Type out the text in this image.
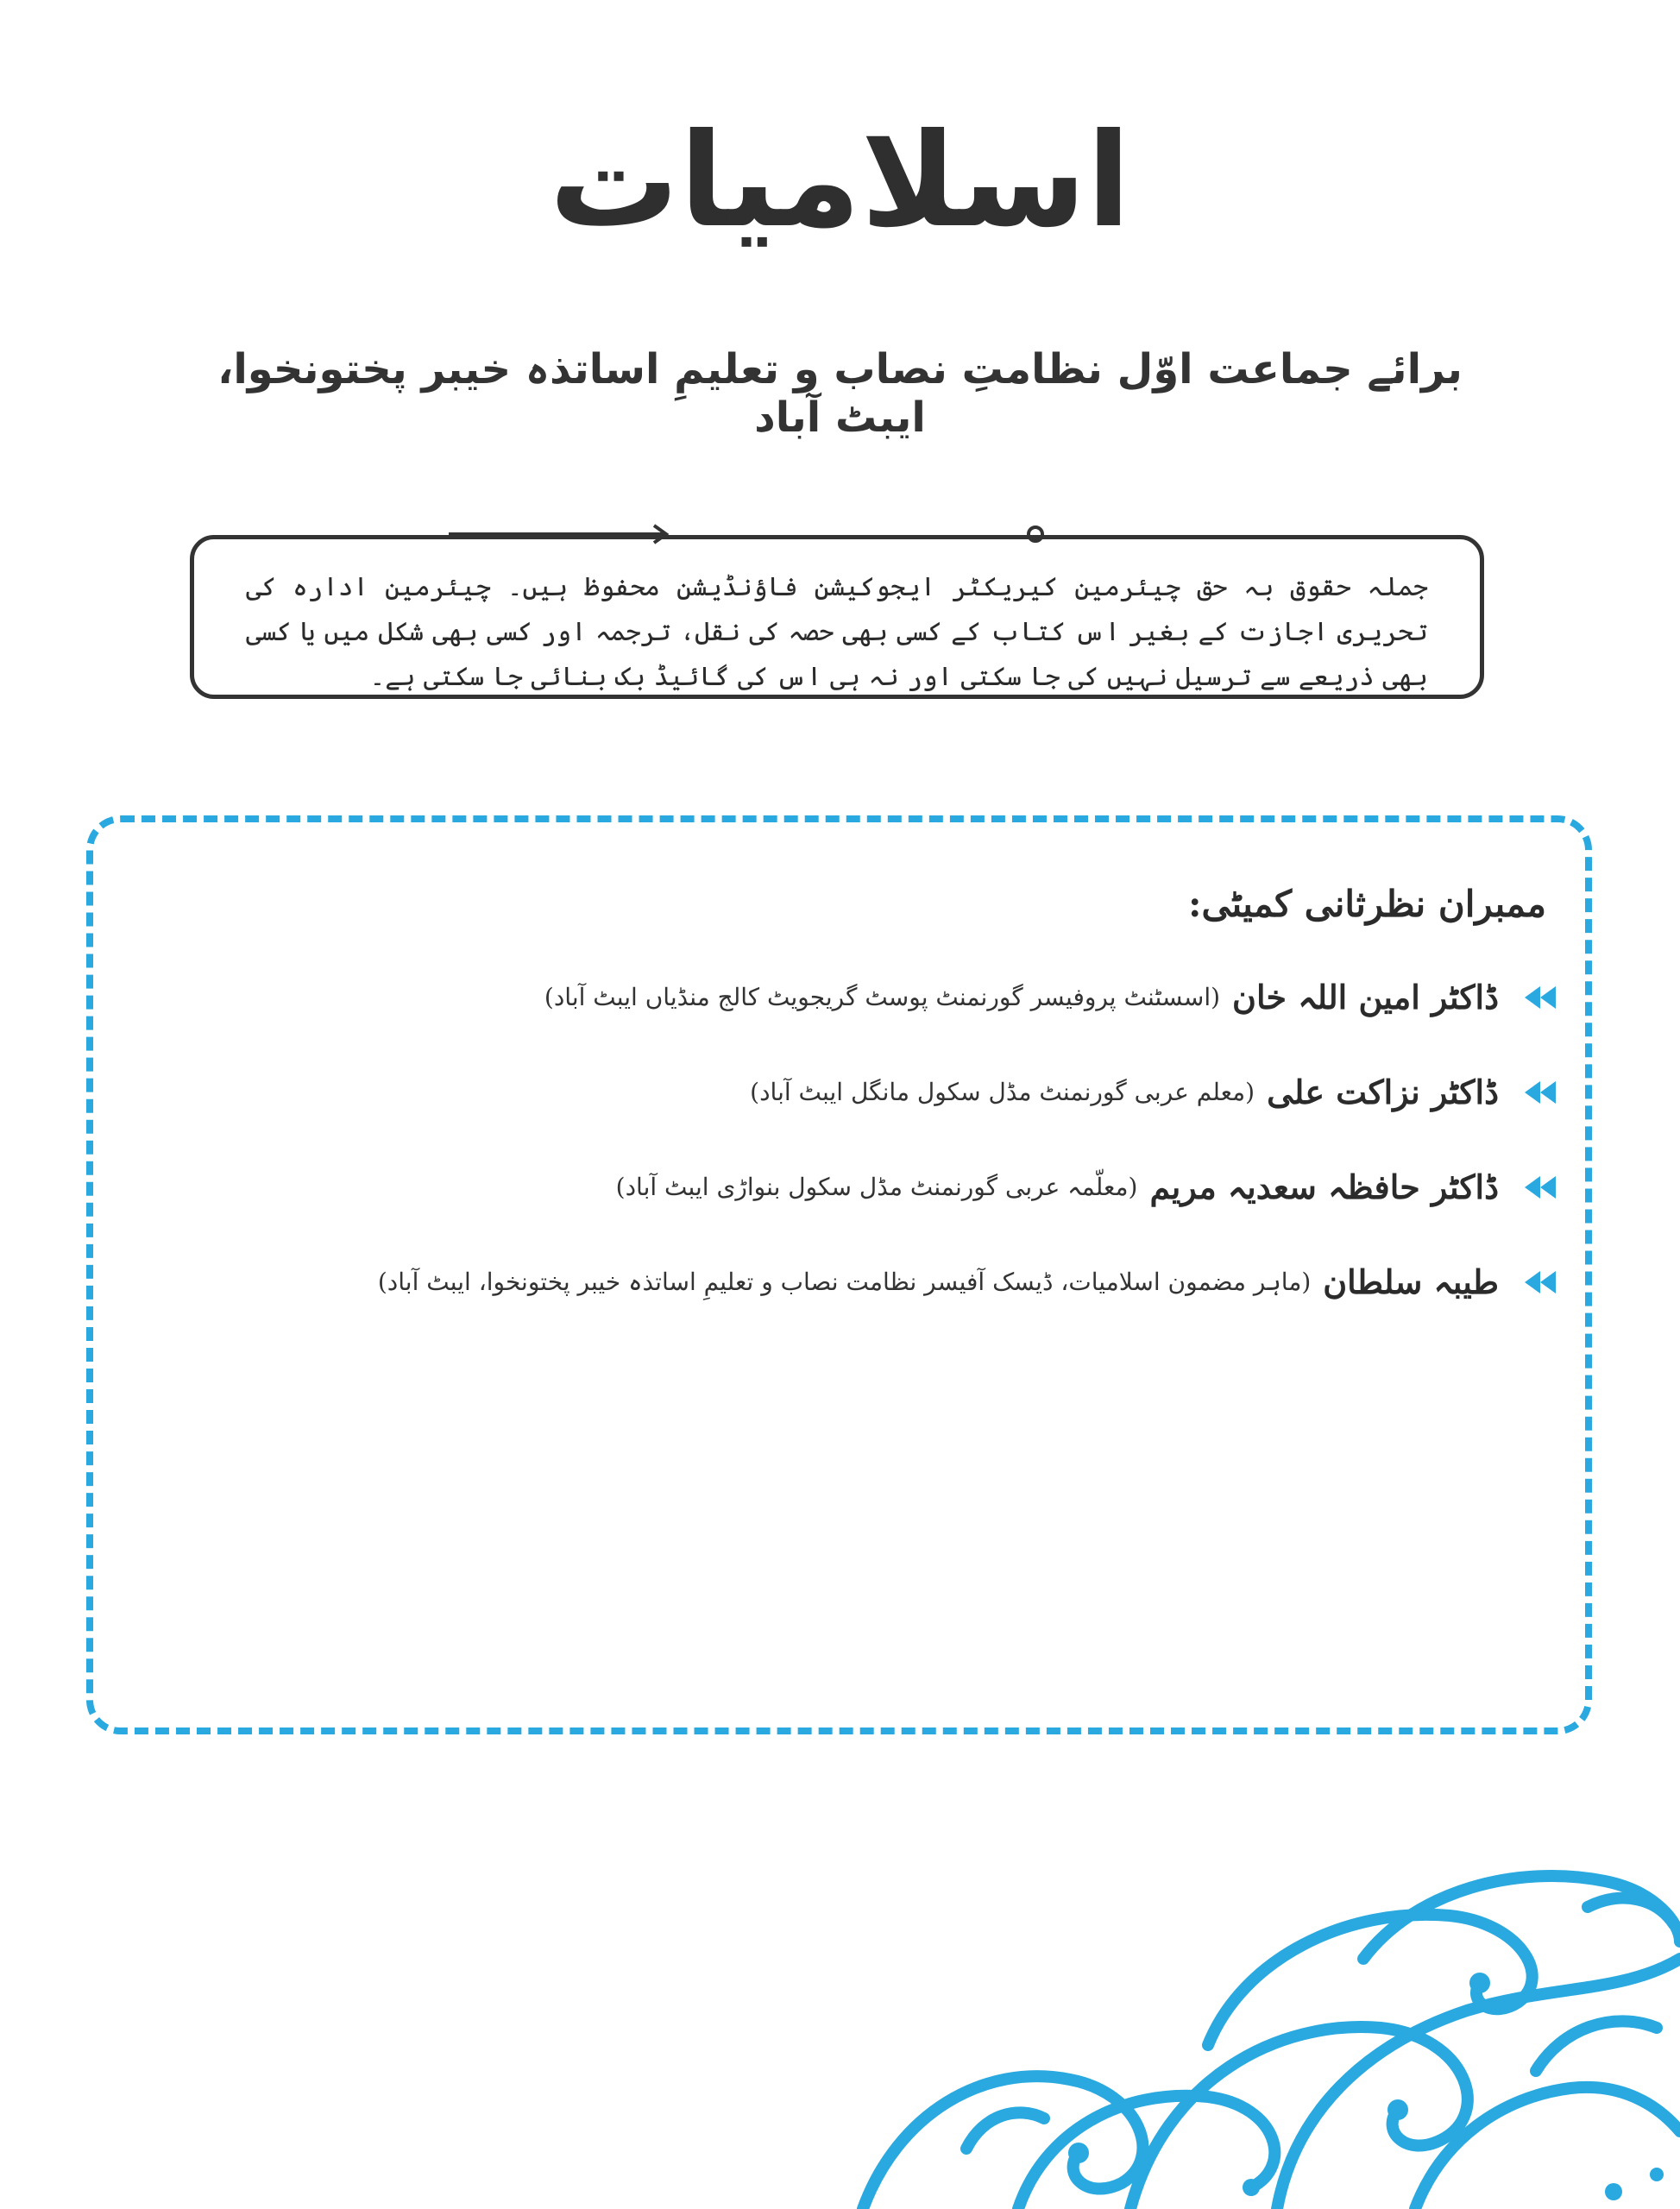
اسلامیات
برائے جماعت اوّل نظامتِ نصاب و تعلیمِ اساتذہ خیبر پختونخوا، ایبٹ آباد
جملہ حقوق بہ حق چیئرمین کیریکٹر ایجوکیشن فاؤنڈیشن محفوظ ہیں۔ چیئرمین ادارہ کی تحریری اجازت کے بغیر اس کتاب کے کسی بھی حصہ کی نقل، ترجمہ اور کسی بھی شکل میں یا کسی بھی ذریعے سے ترسیل نہیں کی جا سکتی اور نہ ہی اس کی گائیڈ بک بنائی جا سکتی ہے۔
ممبران نظرثانی کمیٹی:
ڈاکٹر امین اللہ خان
(اسسٹنٹ پروفیسر گورنمنٹ پوسٹ گریجویٹ کالج منڈیاں ایبٹ آباد)
ڈاکٹر نزاکت علی
(معلم عربی گورنمنٹ مڈل سکول مانگل ایبٹ آباد)
ڈاکٹر حافظہ سعدیہ مریم
(معلّمہ عربی گورنمنٹ مڈل سکول بنواڑی ایبٹ آباد)
طیبہ سلطان
(ماہر مضمون اسلامیات، ڈیسک آفیسر نظامت نصاب و تعلیمِ اساتذہ خیبر پختونخوا، ایبٹ آباد)
